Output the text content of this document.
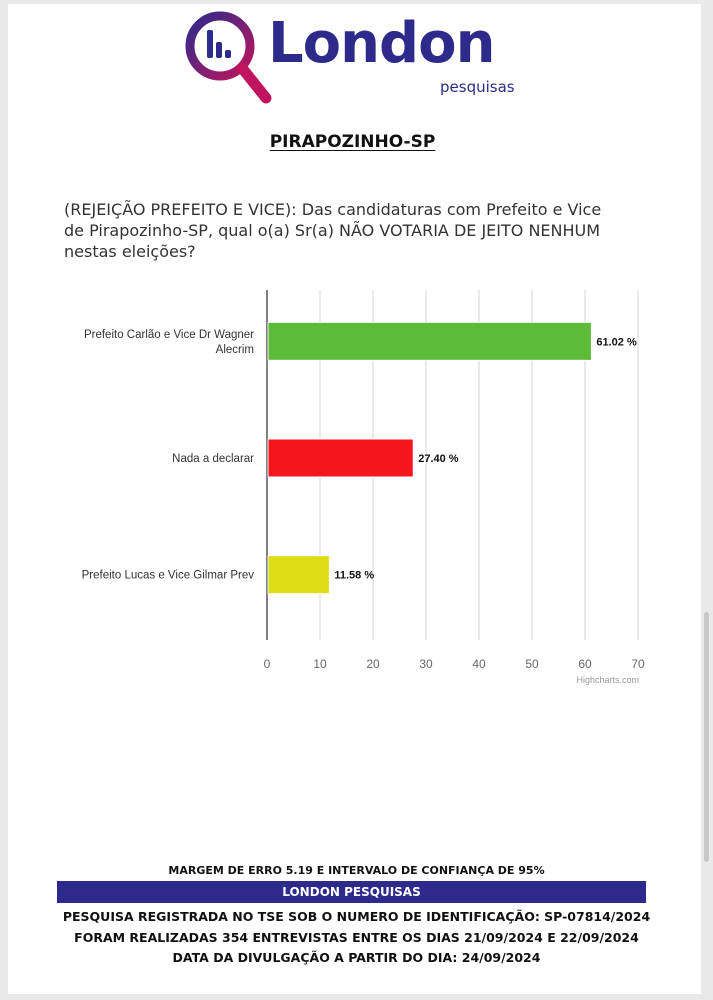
London
pesquisas
PIRAPOZINHO-SP
(REJEIÇÃO PREFEITO E VICE): Das candidaturas com Prefeito e Vice de Pirapozinho-SP, qual o(a) Sr(a) NÃO VOTARIA DE JEITO NENHUM nestas eleições?
0	10	20	30	40	50	60	70
61.02 %
Prefeito Carlão e Vice Dr Wagner
Alecrim
27.40 %
Nada a declarar
11.58 %
Prefeito Lucas e Vice Gilmar Prev
Highcharts.com
MARGEM DE ERRO 5.19 E INTERVALO DE CONFIANÇA DE 95%
LONDON PESQUISAS
PESQUISA REGISTRADA NO TSE SOB O NUMERO DE IDENTIFICAÇÃO: SP-07814/2024
FORAM REALIZADAS 354 ENTREVISTAS ENTRE OS DIAS 21/09/2024 E 22/09/2024
DATA DA DIVULGAÇÃO A PARTIR DO DIA: 24/09/2024
